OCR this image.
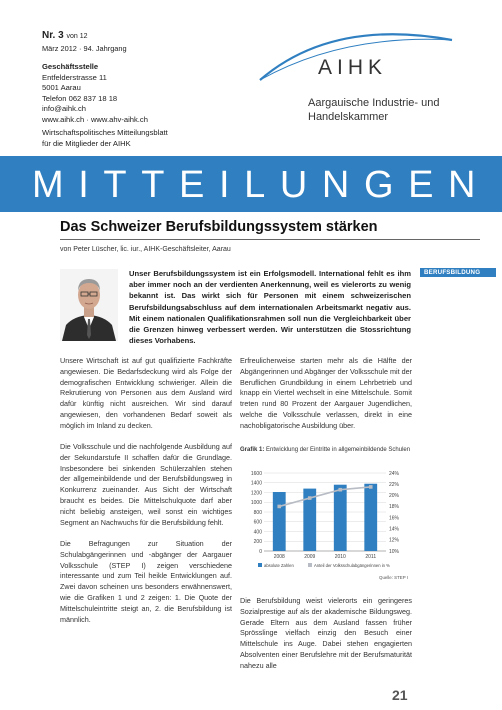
Nr. 3 von 12
März 2012 · 94. Jahrgang
Geschäftsstelle
Entfelderstrasse 11
5001 Aarau
Telefon 062 837 18 18
info@aihk.ch
www.aihk.ch · www.ahv-aihk.ch
Wirtschaftspolitisches Mitteilungsblatt
für die Mitglieder der AIHK
AIHK
Aargauische Industrie- und
Handelskammer
MITTEILUNGEN
Das Schweizer Berufsbildungssystem stärken
von Peter Lüscher, lic. iur., AIHK-Geschäftsleiter, Aarau

Unser Berufsbildungssystem ist ein Erfolgsmodell. International fehlt es ihm aber immer noch an der verdienten Anerkennung, weil es vielerorts zu wenig bekannt ist. Das wirkt sich für Personen mit einem schweizerischen Berufsbildungsabschluss auf dem internationalen Arbeitsmarkt negativ aus. Mit einem nationalen Qualifikationsrahmen soll nun die Vergleichbarkeit über die Grenzen hinweg verbessert werden. Wir unterstützen die Stossrichtung dieses Vorhabens.

BERUFSBILDUNG

Unsere Wirtschaft ist auf gut qualifizierte Fachkräfte angewiesen. Die Bedarfsdeckung wird als Folge der demografischen Entwicklung schwieriger. Allein die Rekrutierung von Personen aus dem Ausland wird dafür künftig nicht ausreichen. Wir sind darauf angewiesen, den vorhandenen Bedarf soweit als möglich im Inland zu decken.

Die Volksschule und die nachfolgende Ausbildung auf der Sekundarstufe II schaffen dafür die Grundlage. Insbesondere bei sinkenden Schülerzahlen stehen der allgemeinbildende und der Berufsbildungsweg in Konkurrenz zueinander. Aus Sicht der Wirtschaft braucht es beides. Die Mittelschulquote darf aber nicht beliebig ansteigen, weil sonst ein wichtiges Segment an Nachwuchs für die Berufsbildung fehlt.

Die Befragungen zur Situation der Schulabgängerinnen und -abgänger der Aargauer Volksschule (STEP I) zeigen verschiedene interessante und zum Teil heikle Entwicklungen auf. Zwei davon scheinen uns besonders erwähnenswert, wie die Grafiken 1 und 2 zeigen: 1. Die Quote der Mittelschuleintritte steigt an, 2. die Berufsbildung ist männlich.

Erfreulicherweise starten mehr als die Hälfte der Abgängerinnen und Abgänger der Volksschule mit der Beruflichen Grundbildung in einem Lehrbetrieb und knapp ein Viertel wechselt in eine Mittelschule. Somit treten rund 80 Prozent der Aargauer Jugendlichen, welche die Volksschule verlassen, direkt in eine nachobligatorische Ausbildung über.

Grafik 1: Entwicklung der Eintritte in allgemeinbildende Schulen
0
200
400
600
800
1000
1200
1400
1600
10%
12%
14%
16%
18%
20%
22%
24%
2008	2009	2010	2011
absolute Zahlen	Anteil der Volksschulabgängerinnen in %
Quelle: STEP I

Die Berufsbildung weist vielerorts ein geringeres Sozialprestige auf als der akademische Bildungsweg. Gerade Eltern aus dem Ausland fassen früher Sprösslinge vielfach einzig den Besuch einer Mittelschule ins Auge. Dabei stehen engagierten Absolventen einer Berufslehre mit der Berufsmaturität nahezu alle

21
